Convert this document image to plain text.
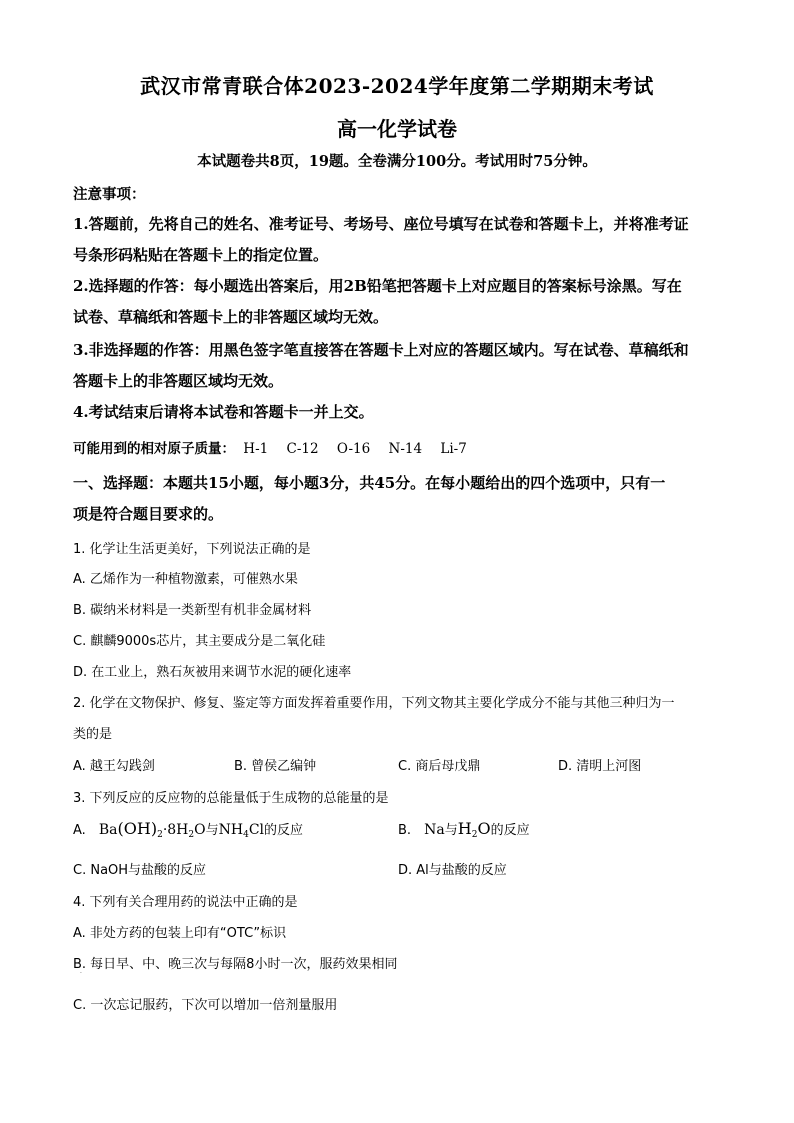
武汉市常青联合体2023-2024学年度第二学期期末考试
高一化学试卷
本试题卷共8页，19题。全卷满分100分。考试用时75分钟。
注意事项：
1.答题前，先将自己的姓名、准考证号、考场号、座位号填写在试卷和答题卡上，并将准考证
号条形码粘贴在答题卡上的指定位置。
2.选择题的作答：每小题选出答案后，用2B铅笔把答题卡上对应题目的答案标号涂黑。写在
试卷、草稿纸和答题卡上的非答题区域均无效。
3.非选择题的作答：用黑色签字笔直接答在答题卡上对应的答题区域内。写在试卷、草稿纸和
答题卡上的非答题区域均无效。
4.考试结束后请将本试卷和答题卡一并上交。
可能用到的相对原子质量： H-1 C-12 O-16 N-14 Li-7
一、选择题：本题共15小题，每小题3分，共45分。在每小题给出的四个选项中，只有一
项是符合题目要求的。
1. 化学让生活更美好，下列说法正确的是
A. 乙烯作为一种植物激素，可催熟水果
B. 碳纳米材料是一类新型有机非金属材料
C. 麒麟9000s芯片，其主要成分是二氧化硅
D. 在工业上，熟石灰被用来调节水泥的硬化速率
2. 化学在文物保护、修复、鉴定等方面发挥着重要作用，下列文物其主要化学成分不能与其他三种归为一
类的是
A. 越王勾践剑	B. 曾侯乙编钟	C. 商后母戊鼎	D. 清明上河图
3. 下列反应的反应物的总能量低于生成物的总能量的是
A. $Ba(OH)_2\cdot 8H_2O$与$NH_4Cl$的反应	B. Na与$H_2O$的反应
C. NaOH与盐酸的反应	D. Al与盐酸的反应
4. 下列有关合理用药的说法中正确的是
A. 非处方药的包装上印有“OTC”标识
B. 每日早、中、晚三次与每隔8小时一次，服药效果相同
·
C. 一次忘记服药，下次可以增加一倍剂量服用
